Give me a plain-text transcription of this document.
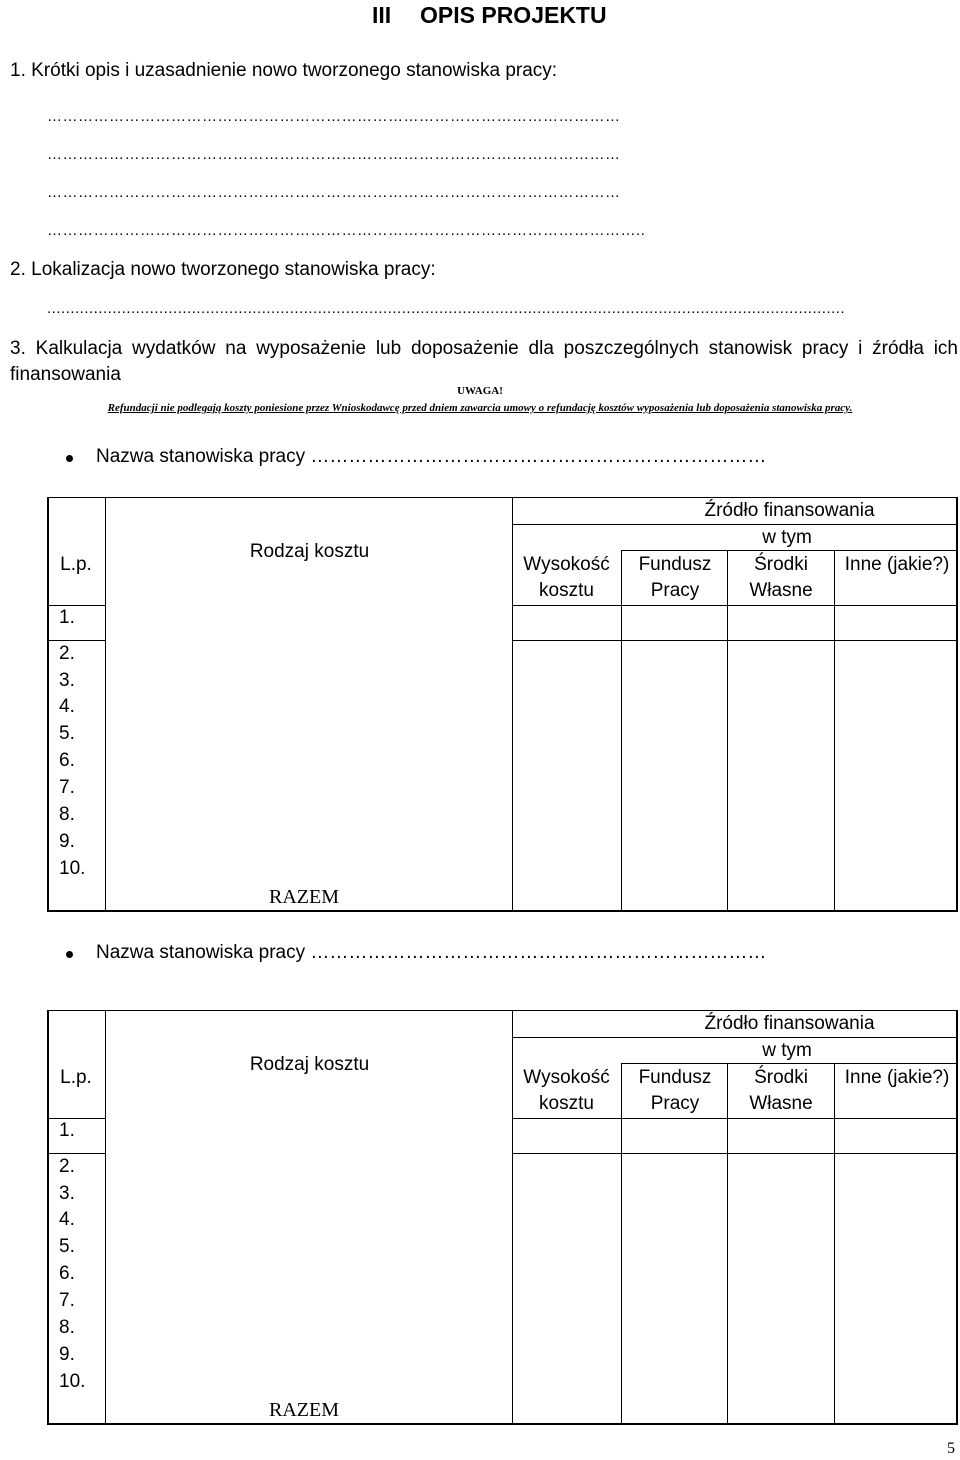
III OPIS PROJEKTU
1. Krótki opis i uzasadnienie nowo tworzonego stanowiska pracy:
…………………………………………………………………………………………………
…………………………………………………………………………………………………
…………………………………………………………………………………………………
……………………………………………………………………………………………………..
2. Lokalizacja nowo tworzonego stanowiska pracy:
...........................................................................................................................................................................
3. Kalkulacja wydatków na wyposażenie lub doposażenie dla poszczególnych stanowisk pracy i źródła ich finansowania
UWAGA!
Refundacji nie podlegają koszty poniesione przez Wnioskodawcę przed dniem zawarcia umowy o refundację kosztów wyposażenia lub doposażenia stanowiska pracy.
Nazwa stanowiska pracy ………………………………………………………………
L.p.
Rodzaj kosztu
Wysokość kosztu
Źródło finansowania
w tym
Fundusz Pracy
Środki Własne
Inne (jakie?)
1.
2.
3.
4.
5.
6.
7.
8.
9.
10.
RAZEM
Nazwa stanowiska pracy ………………………………………………………………
L.p.
Rodzaj kosztu
Wysokość kosztu
Źródło finansowania
w tym
Fundusz Pracy
Środki Własne
Inne (jakie?)
1.
2.
3.
4.
5.
6.
7.
8.
9.
10.
RAZEM
5
